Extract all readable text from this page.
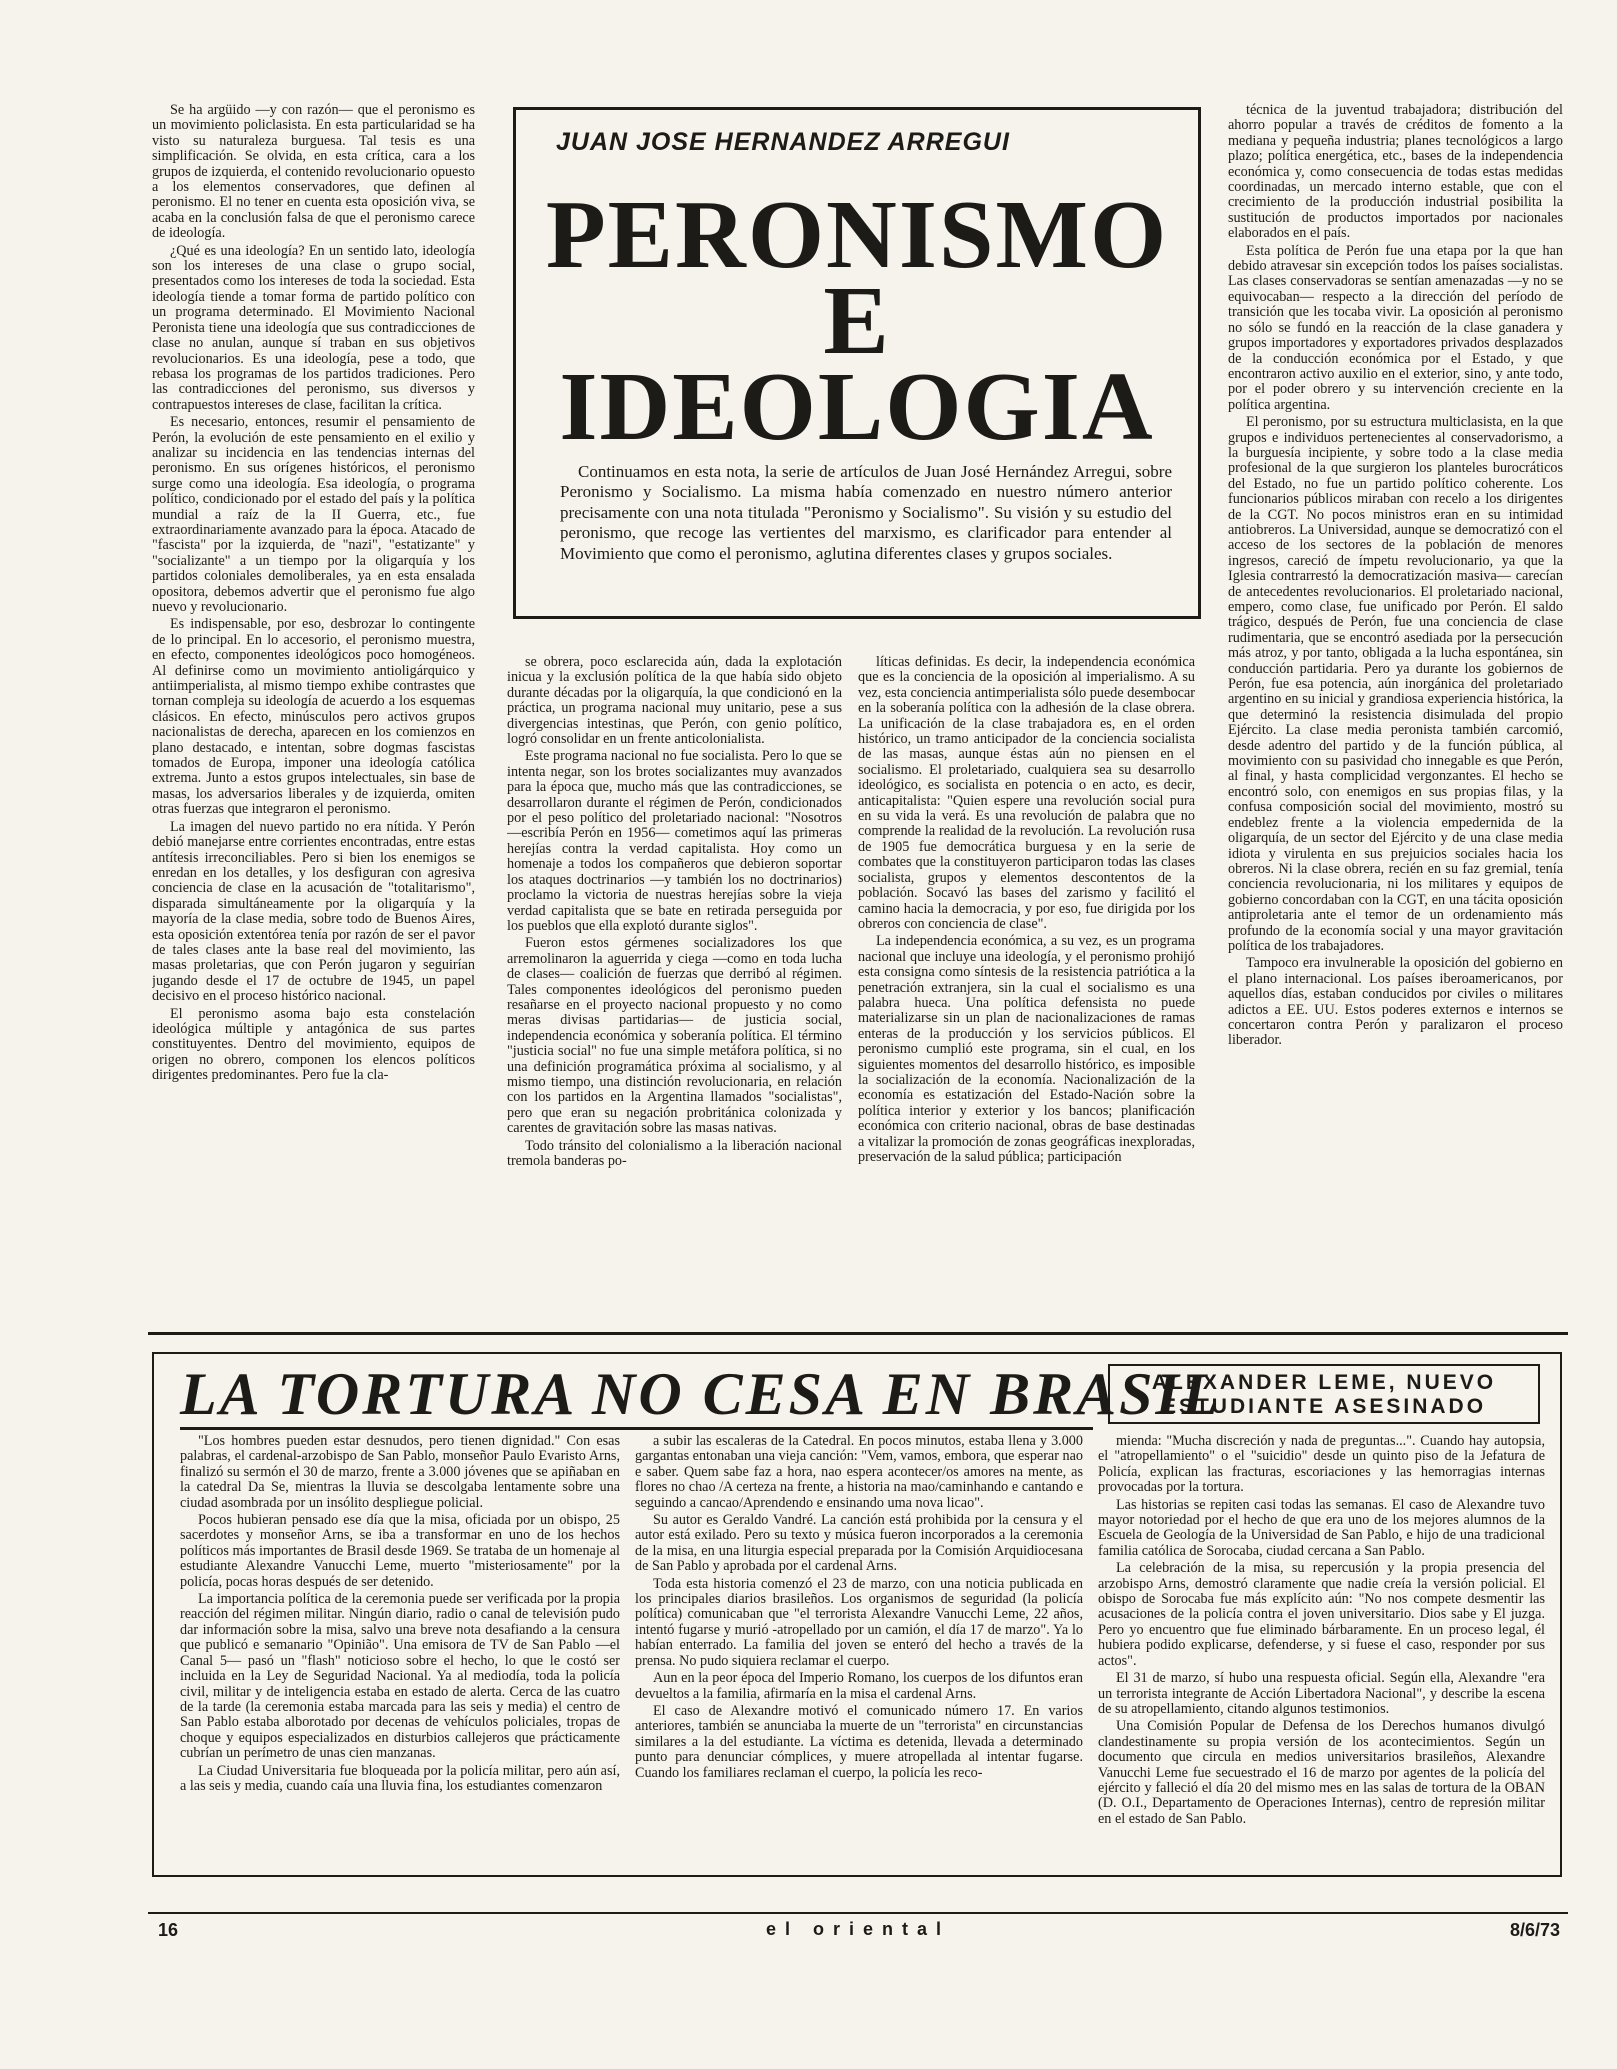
Se ha argüido —y con razón— que el peronismo es un movimiento policlasista. En esta particularidad se ha visto su naturaleza burguesa. Tal tesis es una simplificación. Se olvida, en esta crítica, cara a los grupos de izquierda, el contenido revolucionario opuesto a los elementos conservadores, que definen al peronismo. El no tener en cuenta esta oposición viva, se acaba en la conclusión falsa de que el peronismo carece de ideología.

¿Qué es una ideología? En un sentido lato, ideología son los intereses de una clase o grupo social, presentados como los intereses de toda la sociedad. Esta ideología tiende a tomar forma de partido político con un programa determinado. El Movimiento Nacional Peronista tiene una ideología que sus contradicciones de clase no anulan, aunque sí traban en sus objetivos revolucionarios. Es una ideología, pese a todo, que rebasa los programas de los partidos tradiciones. Pero las contradicciones del peronismo, sus diversos y contrapuestos intereses de clase, facilitan la crítica.

Es necesario, entonces, resumir el pensamiento de Perón, la evolución de este pensamiento en el exilio y analizar su incidencia en las tendencias internas del peronismo. En sus orígenes históricos, el peronismo surge como una ideología. Esa ideología, o programa político, condicionado por el estado del país y la política mundial a raíz de la II Guerra, etc., fue extraordinariamente avanzado para la época. Atacado de "fascista" por la izquierda, de "nazi", "estatizante" y "socializante" a un tiempo por la oligarquía y los partidos coloniales demoliberales, ya en esta ensalada opositora, debemos advertir que el peronismo fue algo nuevo y revolucionario.

Es indispensable, por eso, desbrozar lo contingente de lo principal. En lo accesorio, el peronismo muestra, en efecto, componentes ideológicos poco homogéneos. Al definirse como un movimiento antioligárquico y antiimperialista, al mismo tiempo exhibe contrastes que tornan compleja su ideología de acuerdo a los esquemas clásicos. En efecto, minúsculos pero activos grupos nacionalistas de derecha, aparecen en los comienzos en plano destacado, e intentan, sobre dogmas fascistas tomados de Europa, imponer una ideología católica extrema. Junto a estos grupos intelectuales, sin base de masas, los adversarios liberales y de izquierda, omiten otras fuerzas que integraron el peronismo.

La imagen del nuevo partido no era nítida. Y Perón debió manejarse entre corrientes encontradas, entre estas antítesis irreconciliables. Pero si bien los enemigos se enredan en los detalles, y los desfiguran con agresiva conciencia de clase en la acusación de "totalitarismo", disparada simultáneamente por la oligarquía y la mayoría de la clase media, sobre todo de Buenos Aires, esta oposición extentórea tenía por razón de ser el pavor de tales clases ante la base real del movimiento, las masas proletarias, que con Perón jugaron y seguirían jugando desde el 17 de octubre de 1945, un papel decisivo en el proceso histórico nacional.

El peronismo asoma bajo esta constelación ideológica múltiple y antagónica de sus partes constituyentes. Dentro del movimiento, equipos de origen no obrero, componen los elencos políticos dirigentes predominantes. Pero fue la cla-

JUAN JOSE HERNANDEZ ARREGUI
PERONISMO
E
IDEOLOGIA
Continuamos en esta nota, la serie de artículos de Juan José Hernández Arregui, sobre Peronismo y Socialismo. La misma había comenzado en nuestro número anterior precisamente con una nota titulada "Peronismo y Socialismo". Su visión y su estudio del peronismo, que recoge las vertientes del marxismo, es clarificador para entender al Movimiento que como el peronismo, aglutina diferentes clases y grupos sociales.

se obrera, poco esclarecida aún, dada la explotación inicua y la exclusión política de la que había sido objeto durante décadas por la oligarquía, la que condicionó en la práctica, un programa nacional muy unitario, pese a sus divergencias intestinas, que Perón, con genio político, logró consolidar en un frente anticolonialista.

Este programa nacional no fue socialista. Pero lo que se intenta negar, son los brotes socializantes muy avanzados para la época que, mucho más que las contradicciones, se desarrollaron durante el régimen de Perón, condicionados por el peso político del proletariado nacional: "Nosotros —escribía Perón en 1956— cometimos aquí las primeras herejías contra la verdad capitalista. Hoy como un homenaje a todos los compañeros que debieron soportar los ataques doctrinarios —y también los no doctrinarios) proclamo la victoria de nuestras herejías sobre la vieja verdad capitalista que se bate en retirada perseguida por los pueblos que ella explotó durante siglos".

Fueron estos gérmenes socializadores los que arremolinaron la aguerrida y ciega —como en toda lucha de clases— coalición de fuerzas que derribó al régimen. Tales componentes ideológicos del peronismo pueden resañarse en el proyecto nacional propuesto y no como meras divisas partidarias— de justicia social, independencia económica y soberanía política. El término "justicia social" no fue una simple metáfora política, si no una definición programática próxima al socialismo, y al mismo tiempo, una distinción revolucionaria, en relación con los partidos en la Argentina llamados "socialistas", pero que eran su negación probritánica colonizada y carentes de gravitación sobre las masas nativas.

Todo tránsito del colonialismo a la liberación nacional tremola banderas po-

líticas definidas. Es decir, la independencia económica que es la conciencia de la oposición al imperialismo. A su vez, esta conciencia antimperialista sólo puede desembocar en la soberanía política con la adhesión de la clase obrera. La unificación de la clase trabajadora es, en el orden histórico, un tramo anticipador de la conciencia socialista de las masas, aunque éstas aún no piensen en el socialismo. El proletariado, cualquiera sea su desarrollo ideológico, es socialista en potencia o en acto, es decir, anticapitalista: "Quien espere una revolución social pura en su vida la verá. Es una revolución de palabra que no comprende la realidad de la revolución. La revolución rusa de 1905 fue democrática burguesa y en la serie de combates que la constituyeron participaron todas las clases socialista, grupos y elementos descontentos de la población. Socavó las bases del zarismo y facilitó el camino hacia la democracia, y por eso, fue dirigida por los obreros con conciencia de clase".

La independencia económica, a su vez, es un programa nacional que incluye una ideología, y el peronismo prohijó esta consigna como síntesis de la resistencia patriótica a la penetración extranjera, sin la cual el socialismo es una palabra hueca. Una política defensista no puede materializarse sin un plan de nacionalizaciones de ramas enteras de la producción y los servicios públicos. El peronismo cumplió este programa, sin el cual, en los siguientes momentos del desarrollo histórico, es imposible la socialización de la economía. Nacionalización de la economía es estatización del Estado-Nación sobre la política interior y exterior y los bancos; planificación económica con criterio nacional, obras de base destinadas a vitalizar la promoción de zonas geográficas inexploradas, preservación de la salud pública; participación

técnica de la juventud trabajadora; distribución del ahorro popular a través de créditos de fomento a la mediana y pequeña industria; planes tecnológicos a largo plazo; política energética, etc., bases de la independencia económica y, como consecuencia de todas estas medidas coordinadas, un mercado interno estable, que con el crecimiento de la producción industrial posibilita la sustitución de productos importados por nacionales elaborados en el país.

Esta política de Perón fue una etapa por la que han debido atravesar sin excepción todos los países socialistas. Las clases conservadoras se sentían amenazadas —y no se equivocaban— respecto a la dirección del período de transición que les tocaba vivir. La oposición al peronismo no sólo se fundó en la reacción de la clase ganadera y grupos importadores y exportadores privados desplazados de la conducción económica por el Estado, y que encontraron activo auxilio en el exterior, sino, y ante todo, por el poder obrero y su intervención creciente en la política argentina.

El peronismo, por su estructura multiclasista, en la que grupos e individuos pertenecientes al conservadorismo, a la burguesía incipiente, y sobre todo a la clase media profesional de la que surgieron los planteles burocráticos del Estado, no fue un partido político coherente. Los funcionarios públicos miraban con recelo a los dirigentes de la CGT. No pocos ministros eran en su intimidad antiobreros. La Universidad, aunque se democratizó con el acceso de los sectores de la población de menores ingresos, careció de ímpetu revolucionario, ya que la Iglesia contrarrestó la democratización masiva— carecían de antecedentes revolucionarios. El proletariado nacional, empero, como clase, fue unificado por Perón. El saldo trágico, después de Perón, fue una conciencia de clase rudimentaria, que se encontró asediada por la persecución más atroz, y por tanto, obligada a la lucha espontánea, sin conducción partidaria. Pero ya durante los gobiernos de Perón, fue esa potencia, aún inorgánica del proletariado argentino en su inicial y grandiosa experiencia histórica, la que determinó la resistencia disimulada del propio Ejército. La clase media peronista también carcomió, desde adentro del partido y de la función pública, al movimiento con su pasividad cho innegable es que Perón, al final, y hasta complicidad vergonzantes. El hecho se encontró solo, con enemigos en sus propias filas, y la confusa composición social del movimiento, mostró su endeblez frente a la violencia empedernida de la oligarquía, de un sector del Ejército y de una clase media idiota y virulenta en sus prejuicios sociales hacia los obreros. Ni la clase obrera, recién en su faz gremial, tenía conciencia revolucionaria, ni los militares y equipos de gobierno concordaban con la CGT, en una tácita oposición antiproletaria ante el temor de un ordenamiento más profundo de la economía social y una mayor gravitación política de los trabajadores.

Tampoco era invulnerable la oposición del gobierno en el plano internacional. Los países iberoamericanos, por aquellos días, estaban conducidos por civiles o militares adictos a EE. UU. Estos poderes externos e internos se concertaron contra Perón y paralizaron el proceso liberador.

LA TORTURA NO CESA EN BRASIL
ALEXANDER LEME, NUEVO ESTUDIANTE ASESINADO

"Los hombres pueden estar desnudos, pero tienen dignidad." Con esas palabras, el cardenal-arzobispo de San Pablo, monseñor Paulo Evaristo Arns, finalizó su sermón el 30 de marzo, frente a 3.000 jóvenes que se apiñaban en la catedral Da Se, mientras la lluvia se descolgaba lentamente sobre una ciudad asombrada por un insólito despliegue policial.

Pocos hubieran pensado ese día que la misa, oficiada por un obispo, 25 sacerdotes y monseñor Arns, se iba a transformar en uno de los hechos políticos más importantes de Brasil desde 1969. Se trataba de un homenaje al estudiante Alexandre Vanucchi Leme, muerto "misteriosamente" por la policía, pocas horas después de ser detenido.

La importancia política de la ceremonia puede ser verificada por la propia reacción del régimen militar. Ningún diario, radio o canal de televisión pudo dar información sobre la misa, salvo una breve nota desafiando a la censura que publicó e semanario "Opinião". Una emisora de TV de San Pablo —el Canal 5— pasó un "flash" noticioso sobre el hecho, lo que le costó ser incluida en la Ley de Seguridad Nacional. Ya al mediodía, toda la policía civil, militar y de inteligencia estaba en estado de alerta. Cerca de las cuatro de la tarde (la ceremonia estaba marcada para las seis y media) el centro de San Pablo estaba alborotado por decenas de vehículos policiales, tropas de choque y equipos especializados en disturbios callejeros que prácticamente cubrían un perímetro de unas cien manzanas.

La Ciudad Universitaria fue bloqueada por la policía militar, pero aún así, a las seis y media, cuando caía una lluvia fina, los estudiantes comenzaron

a subir las escaleras de la Catedral. En pocos minutos, estaba llena y 3.000 gargantas entonaban una vieja canción: "Vem, vamos, embora, que esperar nao e saber. Quem sabe faz a hora, nao espera acontecer/os amores na mente, as flores no chao /A certeza na frente, a historia na mao/caminhando e cantando e seguindo a cancao/Aprendendo e ensinando uma nova licao".

Su autor es Geraldo Vandré. La canción está prohibida por la censura y el autor está exilado. Pero su texto y música fueron incorporados a la ceremonia de la misa, en una liturgia especial preparada por la Comisión Arquidiocesana de San Pablo y aprobada por el cardenal Arns.

Toda esta historia comenzó el 23 de marzo, con una noticia publicada en los principales diarios brasileños. Los organismos de seguridad (la policía política) comunicaban que "el terrorista Alexandre Vanucchi Leme, 22 años, intentó fugarse y murió -atropellado por un camión, el día 17 de marzo". Ya lo habían enterrado. La familia del joven se enteró del hecho a través de la prensa. No pudo siquiera reclamar el cuerpo.

Aun en la peor época del Imperio Romano, los cuerpos de los difuntos eran devueltos a la familia, afirmaría en la misa el cardenal Arns.

El caso de Alexandre motivó el comunicado número 17. En varios anteriores, también se anunciaba la muerte de un "terrorista" en circunstancias similares a la del estudiante. La víctima es detenida, llevada a determinado punto para denunciar cómplices, y muere atropellada al intentar fugarse. Cuando los familiares reclaman el cuerpo, la policía les reco-

mienda: "Mucha discreción y nada de preguntas...". Cuando hay autopsia, el "atropellamiento" o el "suicidio" desde un quinto piso de la Jefatura de Policía, explican las fracturas, escoriaciones y las hemorragias internas provocadas por la tortura.

Las historias se repiten casi todas las semanas. El caso de Alexandre tuvo mayor notoriedad por el hecho de que era uno de los mejores alumnos de la Escuela de Geología de la Universidad de San Pablo, e hijo de una tradicional familia católica de Sorocaba, ciudad cercana a San Pablo.

La celebración de la misa, su repercusión y la propia presencia del arzobispo Arns, demostró claramente que nadie creía la versión policial. El obispo de Sorocaba fue más explícito aún: "No nos compete desmentir las acusaciones de la policía contra el joven universitario. Dios sabe y El juzga. Pero yo encuentro que fue eliminado bárbaramente. En un proceso legal, él hubiera podido explicarse, defenderse, y si fuese el caso, responder por sus actos".

El 31 de marzo, sí hubo una respuesta oficial. Según ella, Alexandre "era un terrorista integrante de Acción Libertadora Nacional", y describe la escena de su atropellamiento, citando algunos testimonios.

Una Comisión Popular de Defensa de los Derechos humanos divulgó clandestinamente su propia versión de los acontecimientos. Según un documento que circula en medios universitarios brasileños, Alexandre Vanucchi Leme fue secuestrado el 16 de marzo por agentes de la policía del ejército y falleció el día 20 del mismo mes en las salas de tortura de la OBAN (D. O.I., Departamento de Operaciones Internas), centro de represión militar en el estado de San Pablo.

16	el oriental	8/6/73
